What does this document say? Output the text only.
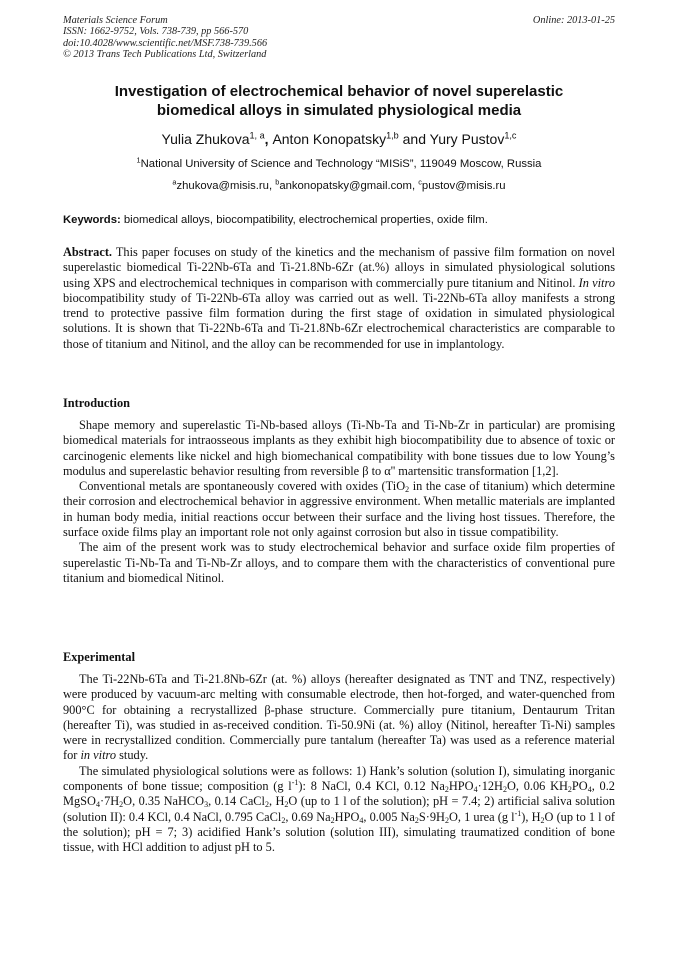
Materials Science Forum
ISSN: 1662-9752, Vols. 738-739, pp 566-570
doi:10.4028/www.scientific.net/MSF.738-739.566
© 2013 Trans Tech Publications Ltd, Switzerland
Online: 2013-01-25
Investigation of electrochemical behavior of novel superelastic
biomedical alloys in simulated physiological media
Yulia Zhukova$^{1, a}$, Anton Konopatsky$^{1,b}$ and Yury Pustov$^{1,c}$
$^1$National University of Science and Technology “MISiS”, 119049 Moscow, Russia
$^a$zhukova@misis.ru, $^b$ankonopatsky@gmail.com, $^c$pustov@misis.ru
Keywords: biomedical alloys, biocompatibility, electrochemical properties, oxide film.

Abstract. This paper focuses on study of the kinetics and the mechanism of passive film formation on novel superelastic biomedical Ti-22Nb-6Ta and Ti-21.8Nb-6Zr (at.%) alloys in simulated physiological solutions using XPS and electrochemical techniques in comparison with commercially pure titanium and Nitinol. In vitro biocompatibility study of Ti-22Nb-6Ta alloy was carried out as well. Ti-22Nb-6Ta alloy manifests a strong trend to protective passive film formation during the first stage of oxidation in simulated physiological solutions. It is shown that Ti-22Nb-6Ta and Ti-21.8Nb-6Zr electrochemical characteristics are comparable to those of titanium and Nitinol, and the alloy can be recommended for use in implantology.

Introduction

Shape memory and superelastic Ti-Nb-based alloys (Ti-Nb-Ta and Ti-Nb-Zr in particular) are promising biomedical materials for intraosseous implants as they exhibit high biocompatibility due to absence of toxic or carcinogenic elements like nickel and high biomechanical compatibility with bone tissues due to low Young’s modulus and superelastic behavior resulting from reversible β to α'' martensitic transformation [1,2].

Conventional metals are spontaneously covered with oxides (TiO$_2$ in the case of titanium) which determine their corrosion and electrochemical behavior in aggressive environment. When metallic materials are implanted in human body media, initial reactions occur between their surface and the living host tissues. Therefore, the surface oxide films play an important role not only against corrosion but also in tissue compatibility.

The aim of the present work was to study electrochemical behavior and surface oxide film properties of superelastic Ti-Nb-Ta and Ti-Nb-Zr alloys, and to compare them with the characteristics of conventional pure titanium and biomedical Nitinol.

Experimental

The Ti-22Nb-6Ta and Ti-21.8Nb-6Zr (at. %) alloys (hereafter designated as TNT and TNZ, respectively) were produced by vacuum-arc melting with consumable electrode, then hot-forged, and water-quenched from 900°C for obtaining a recrystallized β-phase structure. Commercially pure titanium, Dentaurum Tritan (hereafter Ti), was studied in as-received condition. Ti-50.9Ni (at. %) alloy (Nitinol, hereafter Ti-Ni) samples were in recrystallized condition. Commercially pure tantalum (hereafter Ta) was used as a reference material for in vitro study.

The simulated physiological solutions were as follows: 1) Hank’s solution (solution I), simulating inorganic components of bone tissue; composition (g $l^{-1}$): 8 NaCl, 0.4 KCl, 0.12 $Na_2HPO_4\cdot 12H_2O$, 0.06 $KH_2PO_4$, 0.2 $MgSO_4\cdot 7H_2O$, 0.35 NaHCO$_3$, 0.14 CaCl$_2$, $H_2O$ (up to 1 l of the solution); pH = 7.4; 2) artificial saliva solution (solution II): 0.4 KCl, 0.4 NaCl, 0.795 CaCl$_2$, 0.69 $Na_2HPO_4$, 0.005 $Na_2S\cdot 9H_2O$, 1 urea (g $l^{-1}$), $H_2O$ (up to 1 l of the solution); pH = 7; 3) acidified Hank’s solution (solution III), simulating traumatized condition of bone tissue, with HCl addition to adjust pH to 5.
